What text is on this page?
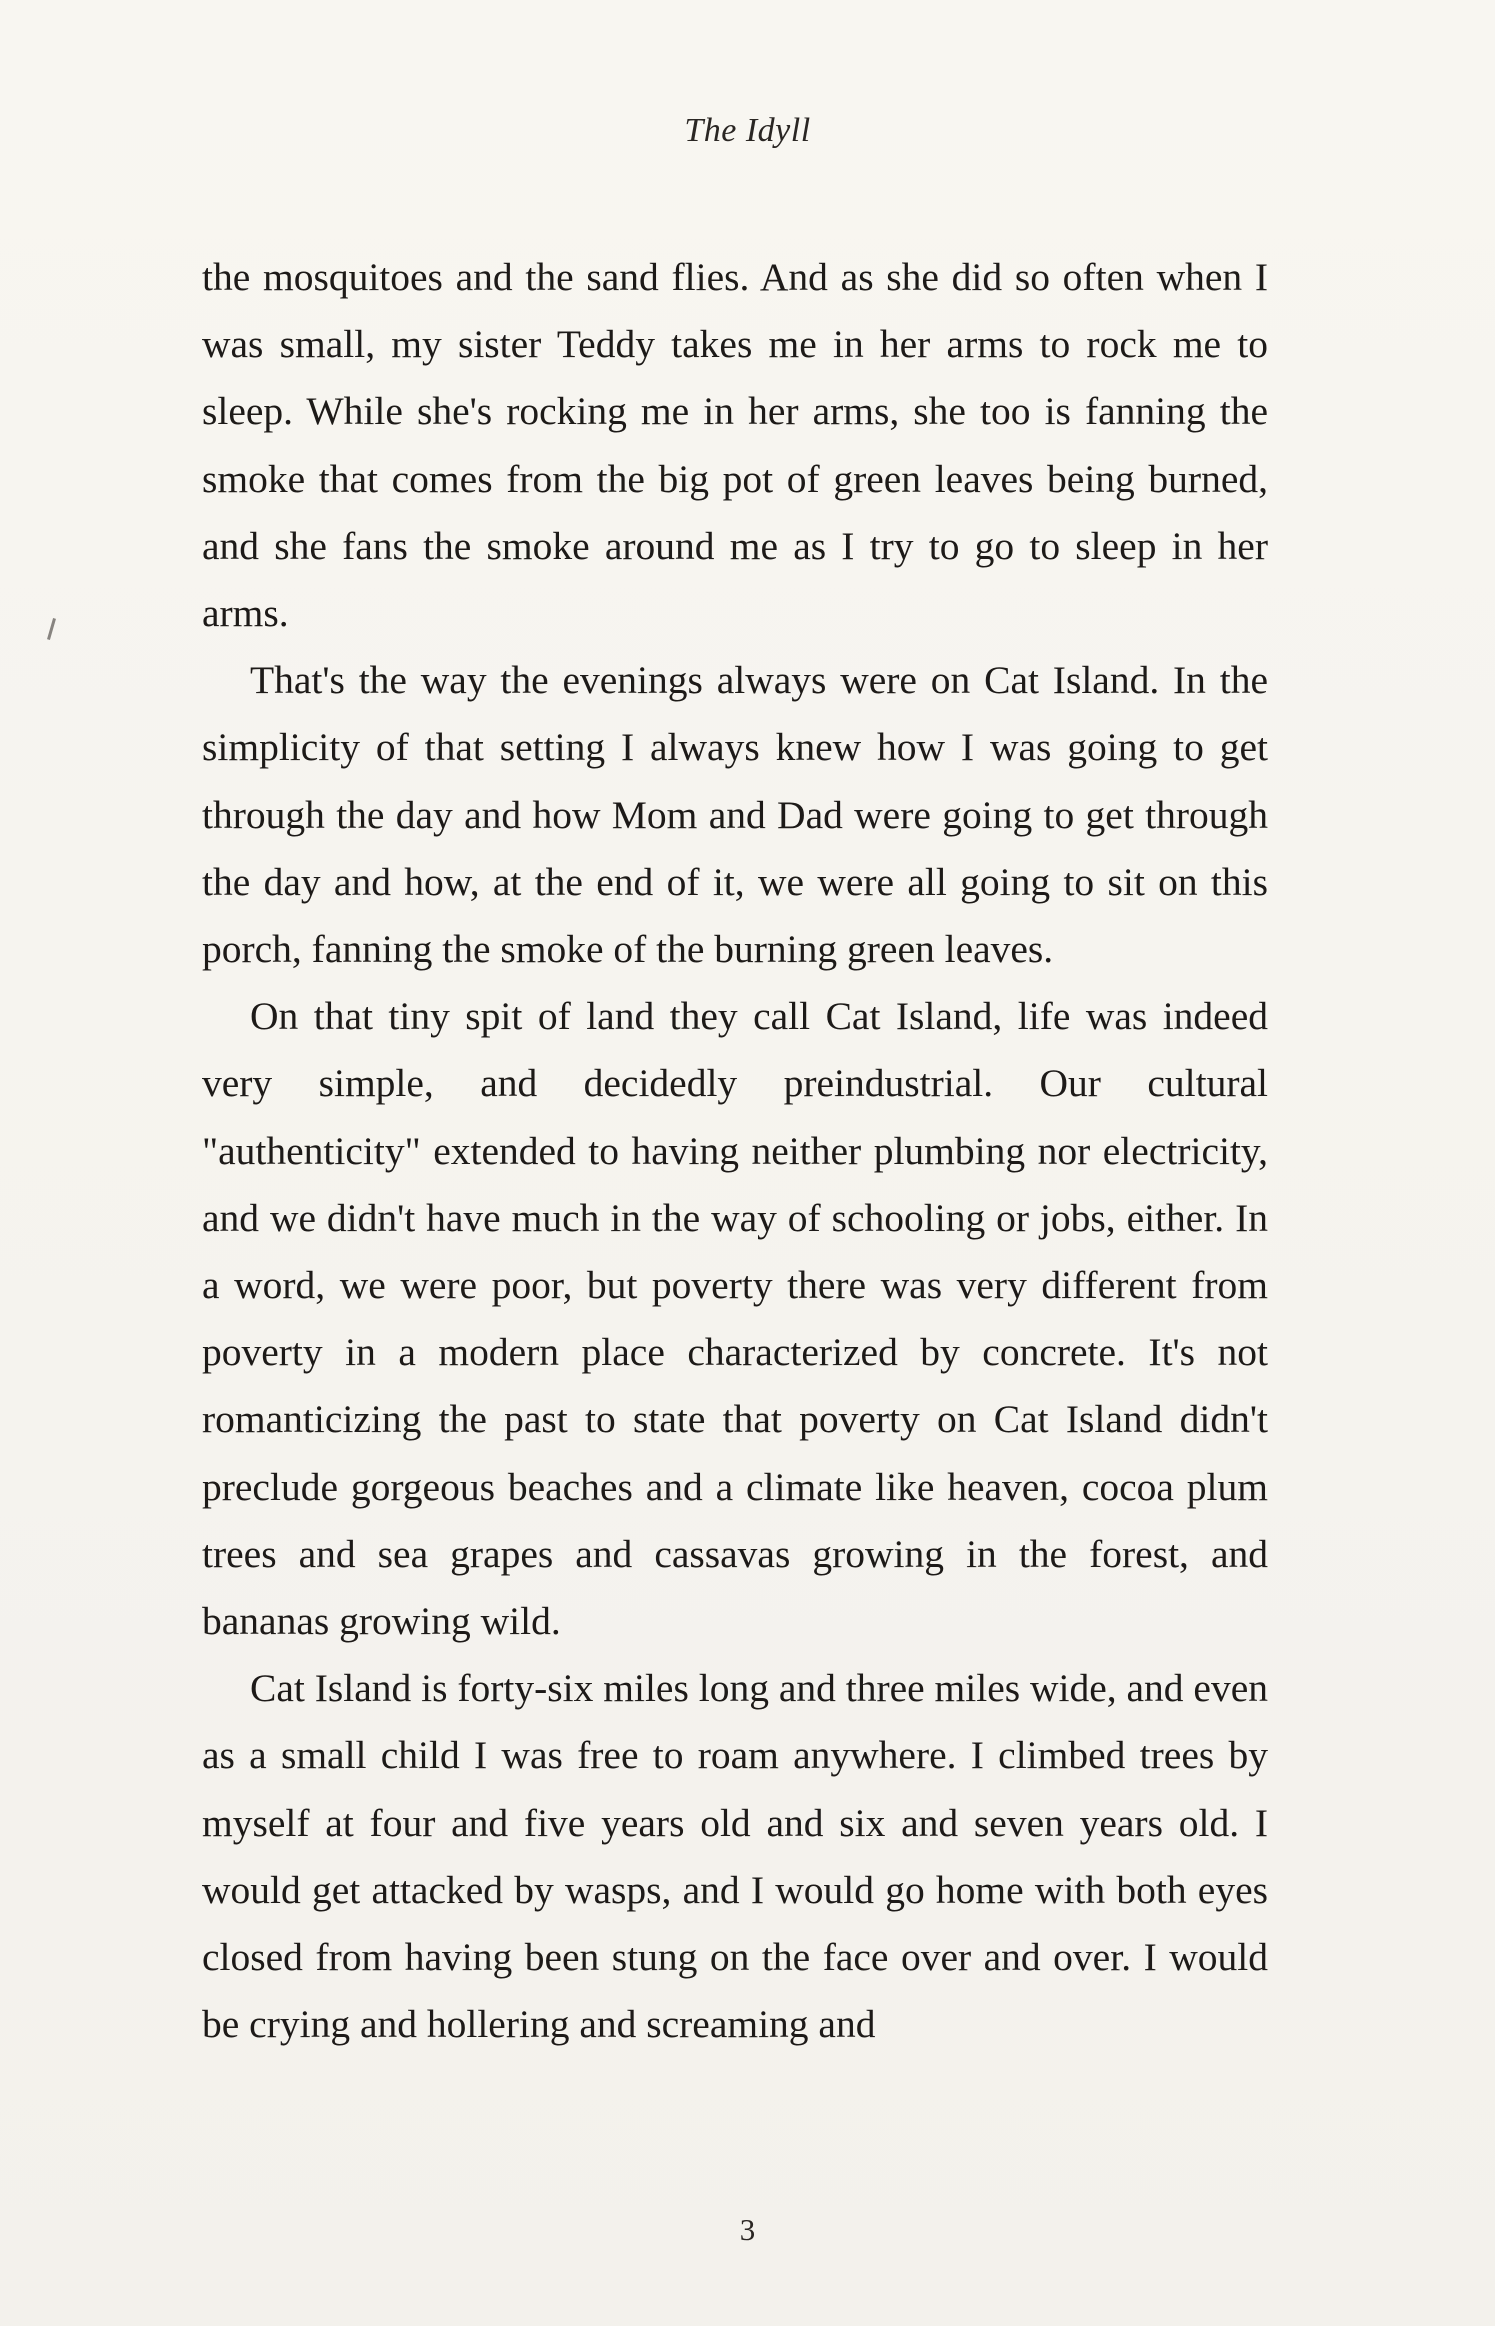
The Idyll

the mosquitoes and the sand flies. And as she did so often when I was small, my sister Teddy takes me in her arms to rock me to sleep. While she's rocking me in her arms, she too is fanning the smoke that comes from the big pot of green leaves being burned, and she fans the smoke around me as I try to go to sleep in her arms.

That's the way the evenings always were on Cat Island. In the simplicity of that setting I always knew how I was going to get through the day and how Mom and Dad were going to get through the day and how, at the end of it, we were all going to sit on this porch, fanning the smoke of the burning green leaves.

On that tiny spit of land they call Cat Island, life was indeed very simple, and decidedly preindustrial. Our cultural "authenticity" extended to having neither plumbing nor electricity, and we didn't have much in the way of schooling or jobs, either. In a word, we were poor, but poverty there was very different from poverty in a modern place characterized by concrete. It's not romanticizing the past to state that poverty on Cat Island didn't preclude gorgeous beaches and a climate like heaven, cocoa plum trees and sea grapes and cassavas growing in the forest, and bananas growing wild.

Cat Island is forty-six miles long and three miles wide, and even as a small child I was free to roam anywhere. I climbed trees by myself at four and five years old and six and seven years old. I would get attacked by wasps, and I would go home with both eyes closed from having been stung on the face over and over. I would be crying and hollering and screaming and

3
